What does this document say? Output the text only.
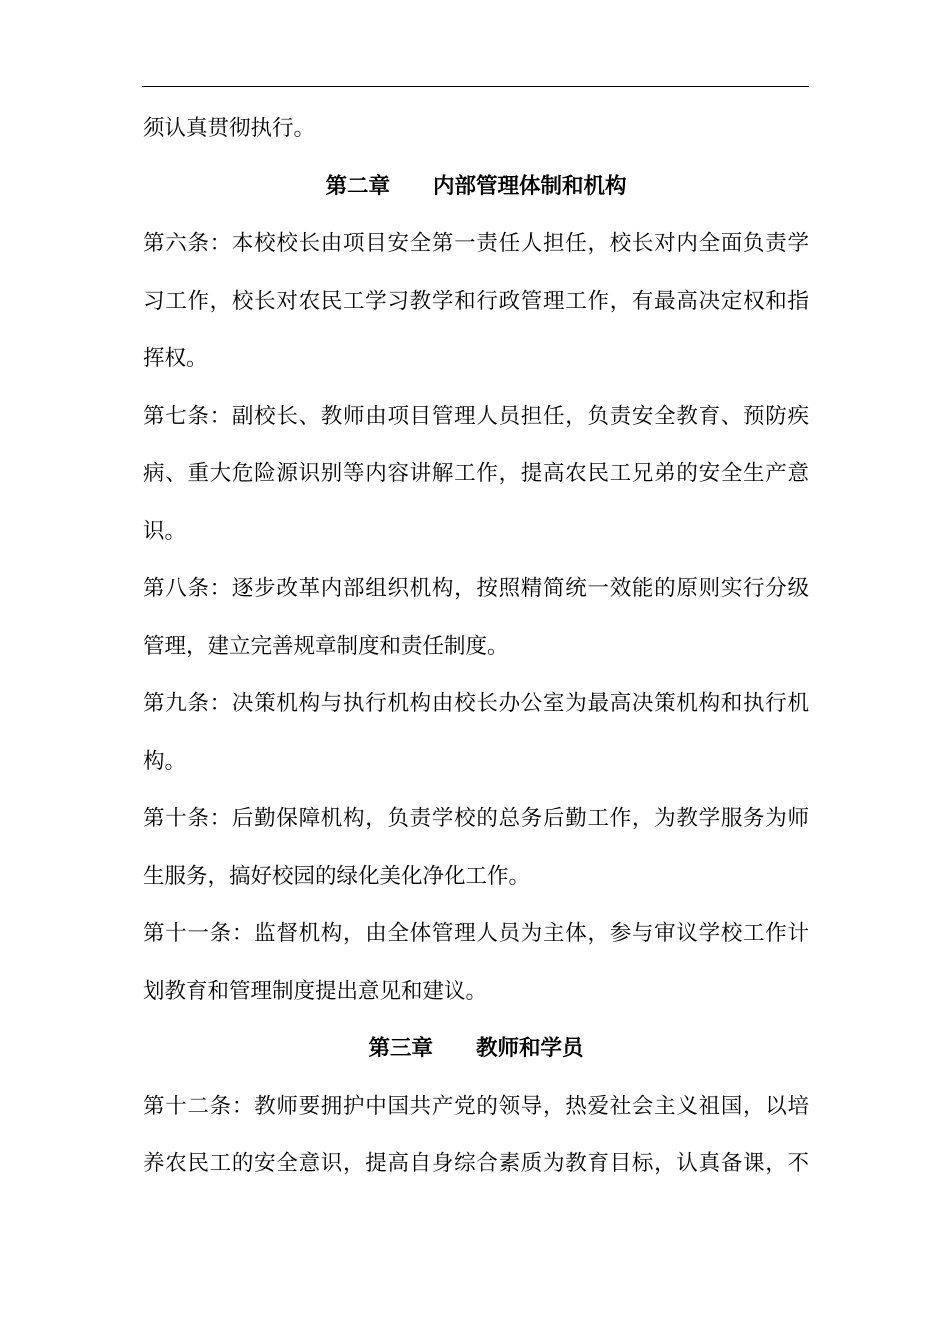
须认真贯彻执行。
第二章　　内部管理体制和机构
第六条：本校校长由项目安全第一责任人担任，校长对内全面负责学
习工作，校长对农民工学习教学和行政管理工作，有最高决定权和指
挥权。
第七条：副校长、教师由项目管理人员担任，负责安全教育、预防疾
病、重大危险源识别等内容讲解工作，提高农民工兄弟的安全生产意
识。
第八条：逐步改革内部组织机构，按照精简统一效能的原则实行分级
管理，建立完善规章制度和责任制度。
第九条：决策机构与执行机构由校长办公室为最高决策机构和执行机
构。
第十条：后勤保障机构，负责学校的总务后勤工作，为教学服务为师
生服务，搞好校园的绿化美化净化工作。
第十一条：监督机构，由全体管理人员为主体，参与审议学校工作计
划教育和管理制度提出意见和建议。
第三章　　教师和学员
第十二条：教师要拥护中国共产党的领导，热爱社会主义祖国，以培
养农民工的安全意识，提高自身综合素质为教育目标，认真备课，不
